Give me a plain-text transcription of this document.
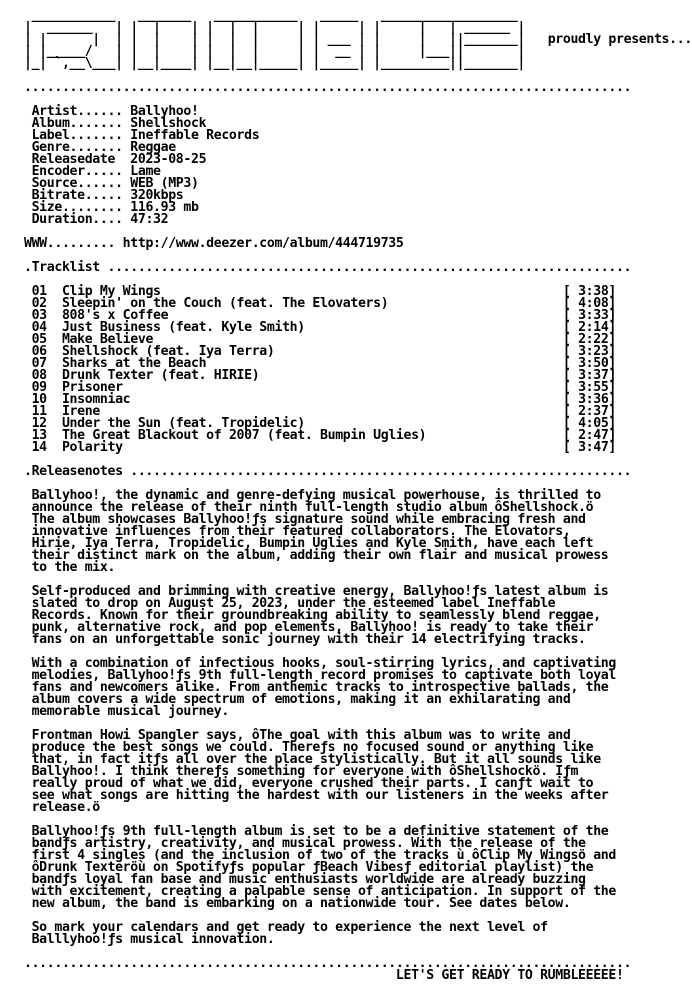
___________   _______   ___________   _____   __________________
|  ______   | |  |    | |  |  |     | |     | |     |   | ______ |
| |      |  | |  |    | |  |  |     | | ___ | |     |   ||_______| proudly presents...
| |_____/   | |  |    | |  |  |     | |  __ | |     |___||       |
|_| `,__\___| |__|____| |__|__|_____| |_____| |_________||_______|
................................................................................
Artist...... Ballyhoo!
Album....... Shellshock
Label....... Ineffable Records
Genre....... Reggae
Releasedate  2023-08-25
Encoder..... Lame
Source...... WEB (MP3)
Bitrate..... 320kbps
Size........ 116.93 mb
Duration.... 47:32
WWW......... http://www.deezer.com/album/444719735
.Tracklist .....................................................................
01 Clip My Wings	[ 3:38]
02 Sleepin' on the Couch (feat. The Elovaters)	[ 4:08]
03 808's x Coffee	[ 3:33]
04 Just Business (feat. Kyle Smith)	[ 2:14]
05 Make Believe	[ 2:22]
06 Shellshock (feat. Iya Terra)	[ 3:23]
07 Sharks at the Beach	[ 3:50]
08 Drunk Texter (feat. HIRIE)	[ 3:37]
09 Prisoner	[ 3:55]
10 Insomniac	[ 3:36]
11 Irene	[ 2:37]
12 Under the Sun (feat. Tropidelic)	[ 4:05]
13 The Great Blackout of 2007 (feat. Bumpin Uglies)	[ 2:47]
14 Polarity	[ 3:47]
.Releasenotes ..................................................................
Ballyhoo!, the dynamic and genre-defying musical powerhouse, is thrilled to
announce the release of their ninth full-length studio album ôShellshock.ö
The album showcases Ballyhoo!ƒs signature sound while embracing fresh and
innovative influences from their featured collaborators. The Elovators,
Hirie, Iya Terra, Tropidelic, Bumpin Uglies and Kyle Smith, have each left
their distinct mark on the album, adding their own flair and musical prowess
to the mix.
Self-produced and brimming with creative energy, Ballyhoo!ƒs latest album is
slated to drop on August 25, 2023, under the esteemed label Ineffable
Records. Known for their groundbreaking ability to seamlessly blend reggae,
punk, alternative rock, and pop elements, Ballyhoo! is ready to take their
fans on an unforgettable sonic journey with their 14 electrifying tracks.
With a combination of infectious hooks, soul-stirring lyrics, and captivating
melodies, Ballyhoo!ƒs 9th full-length record promises to captivate both loyal
fans and newcomers alike. From anthemic tracks to introspective ballads, the
album covers a wide spectrum of emotions, making it an exhilarating and
memorable musical journey.
Frontman Howi Spangler says, ôThe goal with this album was to write and
produce the best songs we could. Thereƒs no focused sound or anything like
that, in fact itƒs all over the place stylistically. But it all sounds like
Ballyhoo!. I think thereƒs something for everyone with ôShellshockö. Iƒm
really proud of what we did, everyone crushed their parts. I canƒt wait to
see what songs are hitting the hardest with our listeners in the weeks after
release.ö
Ballyhoo!ƒs 9th full-length album is set to be a definitive statement of the
bandƒs artistry, creativity, and musical prowess. With the release of the
first 4 singles (and the inclusion of two of the tracks ù ôClip My Wingsö and
ôDrunk Texteröù on Spotifyƒs popular ƒBeach Vibesƒ editorial playlist) the
bandƒs loyal fan base and music enthusiasts worldwide are already buzzing
with excitement, creating a palpable sense of anticipation. In support of the
new album, the band is embarking on a nationwide tour. See dates below.
So mark your calendars and get ready to experience the next level of
Balllyhoo!ƒs musical innovation.
................................................................................
LET'S GET READY TO RUMBLEEEEE!
